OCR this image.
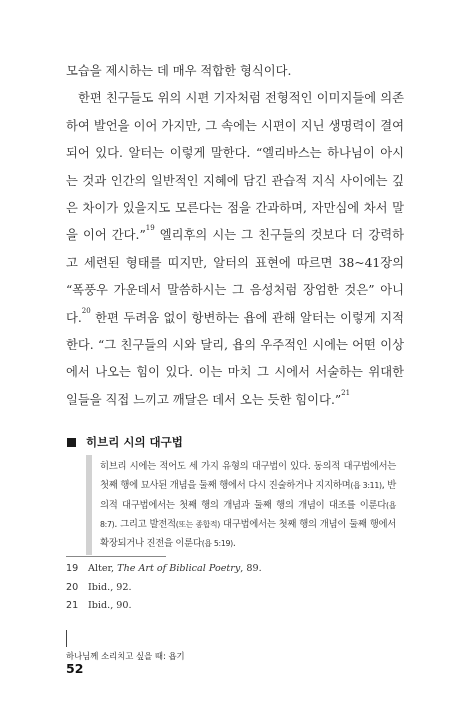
모습을 제시하는 데 매우 적합한 형식이다.

한편 친구들도 위의 시편 기자처럼 전형적인 이미지들에 의존하여 발언을 이어 가지만, 그 속에는 시편이 지닌 생명력이 결여되어 있다. 알터는 이렇게 말한다. “엘리바스는 하나님이 아시는 것과 인간의 일반적인 지혜에 담긴 관습적 지식 사이에는 깊은 차이가 있을지도 모른다는 점을 간과하며, 자만심에 차서 말을 이어 간다.”$^{19}$ 엘리후의 시는 그 친구들의 것보다 더 강력하고 세련된 형태를 띠지만, 알터의 표현에 따르면 38~41장의 “폭풍우 가운데서 말씀하시는 그 음성처럼 장엄한 것은” 아니다.$^{20}$ 한편 두려움 없이 항변하는 욥에 관해 알터는 이렇게 지적한다. “그 친구들의 시와 달리, 욥의 우주적인 시에는 어떤 이상에서 나오는 힘이 있다. 이는 마치 그 시에서 서술하는 위대한 일들을 직접 느끼고 깨달은 데서 오는 듯한 힘이다.”$^{21}$

히브리 시의 대구법
히브리 시에는 적어도 세 가지 유형의 대구법이 있다. 동의적 대구법에서는 첫째 행에 묘사된 개념을 둘째 행에서 다시 진술하거나 지지하며(욥 3:11), 반의적 대구법에서는 첫째 행의 개념과 둘째 행의 개념이 대조를 이룬다(욥 8:7). 그리고 발전적(또는 종합적) 대구법에서는 첫째 행의 개념이 둘째 행에서 확장되거나 진전을 이룬다(욥 5:19).
19 Alter, The Art of Biblical Poetry, 89.
20 Ibid., 92.
21 Ibid., 90.
하나님께 소리치고 싶을 때: 욥기
52
